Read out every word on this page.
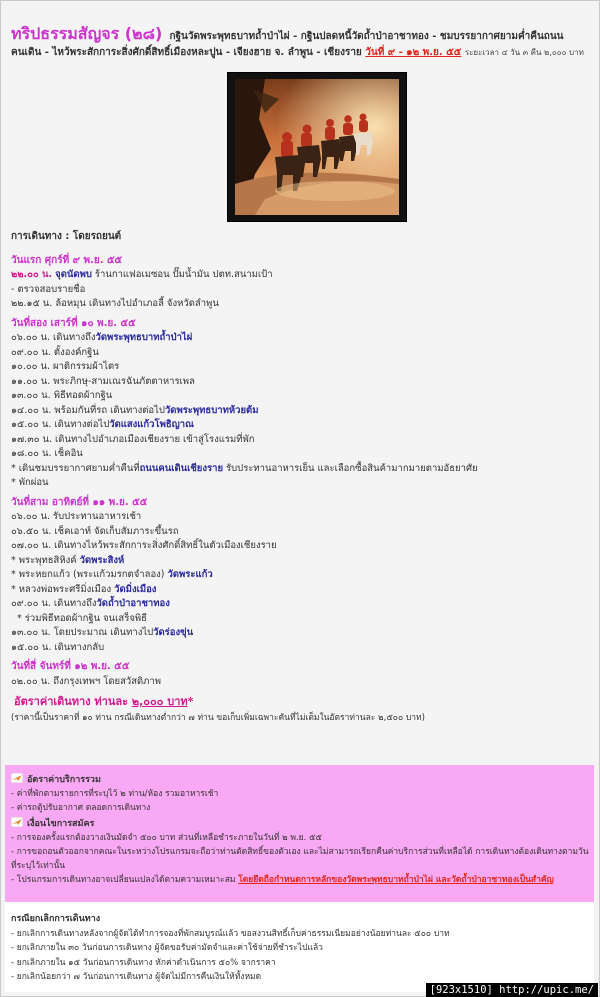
ทริปธรรมสัญจร (๒๘) กฐินวัดพระพุทธบาทถ้ำป่าไผ่ - กฐินปลดหนี้วัดถ้ำป่าอาชาทอง - ชมบรรยากาศยามค่ำคืนถนน
คนเดิน - ไหว้พระสักการะสิ่งศักดิ์สิทธิ์เมืองหละปูน - เจียงฮาย จ. ลำพูน - เชียงราย วันที่ ๙ - ๑๒ พ.ย. ๕๕ ระยะเวลา ๔ วัน ๓ คืน ๒,๐๐๐ บาท
การเดินทาง : โดยรถยนต์
วันแรก ศุกร์ที่ ๙ พ.ย. ๕๕
๒๒.๐๐ น. จุดนัดพบ ร้านกาแฟอเมซอน ปั๊มน้ำมัน ปตท.สนามเป้า
- ตรวจสอบรายชื่อ
๒๒.๑๕ น. ล้อหมุน เดินทางไปอำเภอลี้ จังหวัดลำพูน
วันที่สอง เสาร์ที่ ๑๐ พ.ย. ๕๕
๐๖.๐๐ น. เดินทางถึงวัดพระพุทธบาทถ้ำป่าไผ่
๐๙.๐๐ น. ตั้งองค์กฐิน
๑๐.๐๐ น. ผาติกรรมผ้าไตร
๑๑.๐๐ น. พระภิกษุ-สามเณรฉันภัตตาหารเพล
๑๓.๐๐ น. พิธีทอดผ้ากฐิน
๑๔.๐๐ น. พร้อมกันที่รถ เดินทางต่อไปวัดพระพุทธบาทห้วยต้ม
๑๕.๐๐ น. เดินทางต่อไปวัดแสงแก้วโพธิญาณ
๑๗.๓๐ น. เดินทางไปอำเภอเมืองเชียงราย เข้าสู่โรงแรมที่พัก
๑๘.๐๐ น. เช็คอิน
* เดินชมบรรยากาศยามค่ำคืนที่ถนนคนเดินเชียงราย รับประทานอาหารเย็น และเลือกซื้อสินค้ามากมายตามอัธยาศัย
* พักผ่อน
วันที่สาม อาทิตย์ที่ ๑๑ พ.ย. ๕๕
๐๖.๐๐ น. รับประทานอาหารเช้า
๐๖.๕๐ น. เช็คเอาท์ จัดเก็บสัมภาระขึ้นรถ
๐๗.๐๐ น. เดินทางไหว้พระสักการะสิ่งศักดิ์สิทธิ์ในตัวเมืองเชียงราย
* พระพุทธสิหิงค์ วัดพระสิงห์
* พระหยกแก้ว (พระแก้วมรกตจำลอง) วัดพระแก้ว
* หลวงพ่อพระศรีมิ่งเมือง วัดมิ่งเมือง
๐๙.๐๐ น. เดินทางถึงวัดถ้ำป่าอาชาทอง
* ร่วมพิธีทอดผ้ากฐิน จนเสร็จพิธี
๑๓.๐๐ น. โดยประมาณ เดินทางไปวัดร่องขุ่น
๑๕.๐๐ น. เดินทางกลับ
วันที่สี่ จันทร์ที่ ๑๒ พ.ย. ๕๕
๐๒.๐๐ น. ถึงกรุงเทพฯ โดยสวัสดิภาพ
อัตราค่าเดินทาง ท่านละ ๒,๐๐๐ บาท*
(ราคานี้เป็นราคาที่ ๑๐ ท่าน กรณีเดินทางต่ำกว่า ๗ ท่าน ขอเก็บเพิ่มเฉพาะคันที่ไม่เต็มในอัตราท่านละ ๒,๕๐๐ บาท)
อัตราค่าบริการรวม
- ค่าที่พักตามรายการที่ระบุไว้ ๒ ท่าน/ห้อง รวมอาหารเช้า
- ค่ารถตู้ปรับอากาศ ตลอดการเดินทาง
เงื่อนไขการสมัคร
- การจองครั้งแรกต้องวางเงินมัดจำ ๕๐๐ บาท ส่วนที่เหลือชำระภายในวันที่ ๒ พ.ย. ๕๕
- การขอถอนตัวออกจากคณะในระหว่างโปรแกรมจะถือว่าท่านตัดสิทธิ์ของตัวเอง และไม่สามารถเรียกคืนค่าบริการส่วนที่เหลือได้ การเดินทางต้องเดินทางตามวันที่ระบุไว้เท่านั้น
- โปรแกรมการเดินทางอาจเปลี่ยนแปลงได้ตามความเหมาะสม โดยยึดถือกำหนดการหลักของวัดพระพุทธบาทถ้ำป่าไผ่ และวัดถ้ำป่าอาชาทองเป็นสำคัญ
กรณียกเลิกการเดินทาง
- ยกเลิกการเดินทางหลังจากผู้จัดได้ทำการจองที่พักสมบูรณ์แล้ว ขอสงวนสิทธิ์เก็บค่าธรรมเนียมอย่างน้อยท่านละ ๕๐๐ บาท
- ยกเลิกภายใน ๓๐ วันก่อนการเดินทาง ผู้จัดขอรับค่ามัดจำและค่าใช้จ่ายที่ชำระไปแล้ว
- ยกเลิกภายใน ๑๕ วันก่อนการเดินทาง หักค่าดำเนินการ ๕๐% จากราคา
- ยกเลิกน้อยกว่า ๗ วันก่อนการเดินทาง ผู้จัดไม่มีการคืนเงินให้ทั้งหมด
[923x1510] http://upic.me/
